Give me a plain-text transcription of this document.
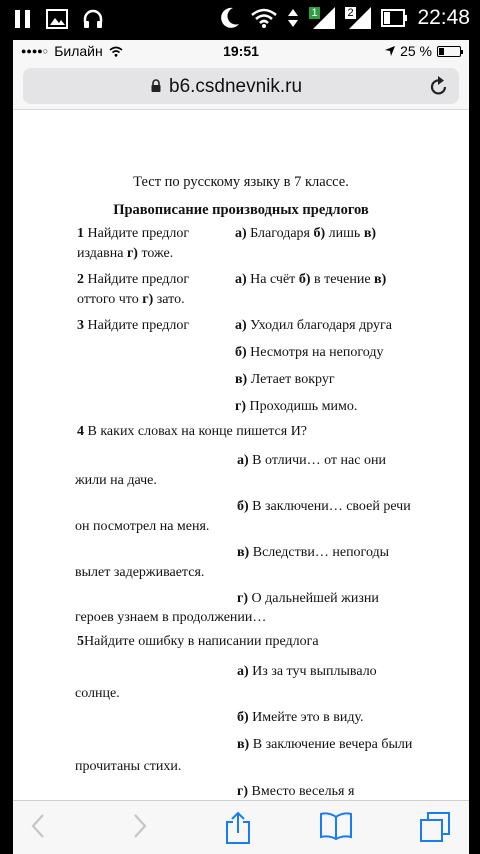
1	2	22:48
●●●●○ Билайн	19:51	25 %
b6.csdnevnik.ru
Тест по русскому языку в 7 классе.
Правописание производных предлогов
1 Найдите предлог	а) Благодаря б) лишь в)
издавна г) тоже.
2 Найдите предлог	а) На счёт б) в течение в)
оттого что г) зато.
3 Найдите предлог	а) Уходил благодаря друга
б) Несмотря на непогоду
в) Летает вокруг
г) Проходишь мимо.
4 В каких словах на конце пишется И?
а) В отличи… от нас они
жили на даче.
б) В заключени… своей речи
он посмотрел на меня.
в) Вследстви… непогоды
вылет задерживается.
г) О дальнейшей жизни
героев узнаем в продолжении…
5Найдите ошибку в написании предлога
а) Из за туч выплывало
солнце.
б) Имейте это в виду.
в) В заключение вечера были
прочитаны стихи.
г) Вместо веселья я
